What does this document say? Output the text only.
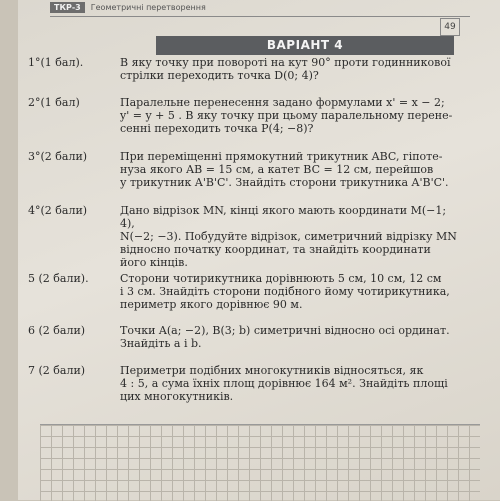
ТКР-3	Геометричні перетворення
49
ВАРІАНТ 4
1°(1 бал).	В яку точку при повороті на кут 90° проти годинникової
стрілки переходить точка D(0; 4)?
2°(1 бал)	Паралельне перенесення задано формулами x' = x − 2;
y' = y + 5 . В яку точку при цьому паралельному перене-
сенні переходить точка P(4; −8)?
3°(2 бали)	При переміщенні прямокутний трикутник ABC, гіпоте-
нуза якого AB = 15 см, а катет BC = 12 см, перейшов
у трикутник A'B'C'. Знайдіть сторони трикутника A'B'C'.
4°(2 бали)	Дано відрізок MN, кінці якого мають координати M(−1; 4),
N(−2; −3). Побудуйте відрізок, симетричний відрізку MN
відносно початку координат, та знайдіть координати
його кінців.
5 (2 бали).	Сторони чотирикутника дорівнюють 5 см, 10 см, 12 см
і 3 см. Знайдіть сторони подібного йому чотирикутника,
периметр якого дорівнює 90 м.
6 (2 бали)	Точки A(a; −2), B(3; b) симетричні відносно осі ординат.
Знайдіть a і b.
7 (2 бали)	Периметри подібних многокутників відносяться, як
4 : 5, а сума їхніх площ дорівнює 164 м². Знайдіть площі
цих многокутників.
